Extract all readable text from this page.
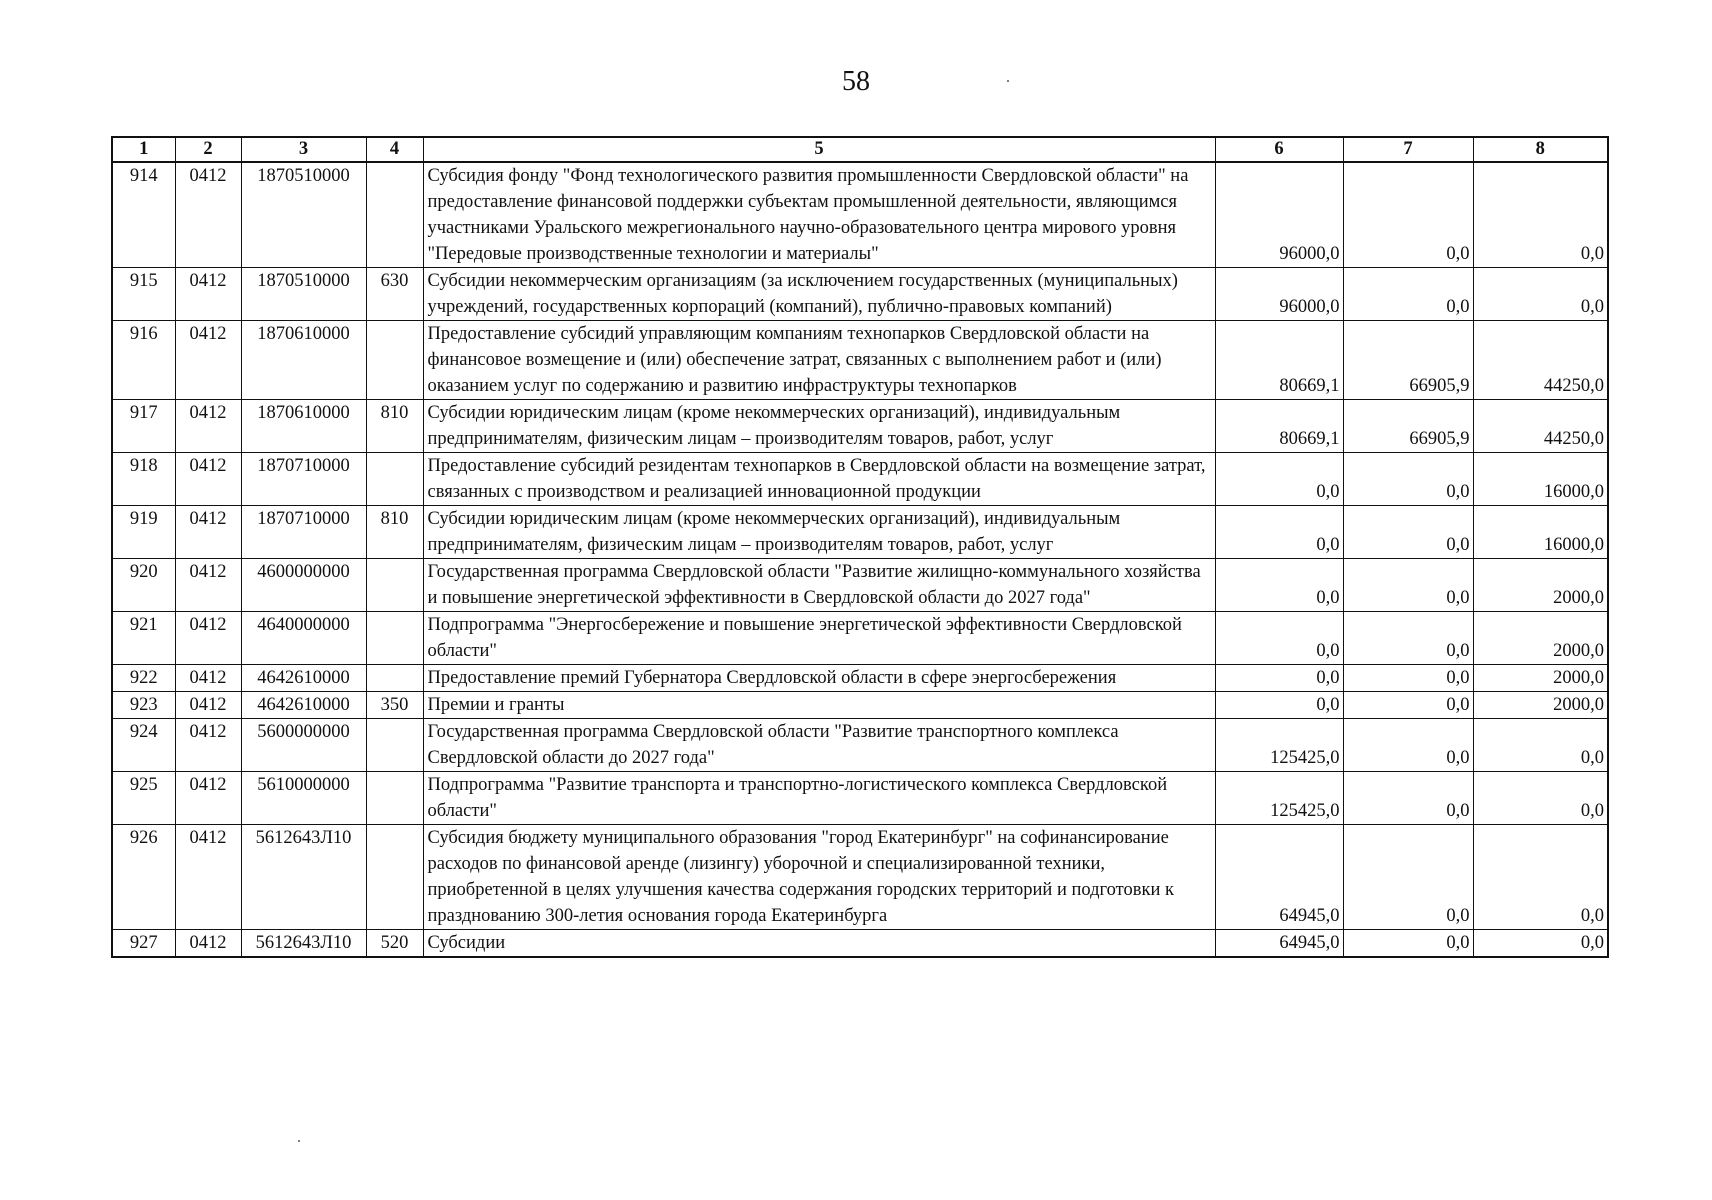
58
1	2	3	4	5	6	7	8
914	0412	1870510000		Субсидия фонду "Фонд технологического развития промышленности Свердловской области" на предоставление финансовой поддержки субъектам промышленной деятельности, являющимся участниками Уральского межрегионального научно-образовательного центра мирового уровня "Передовые производственные технологии и материалы"	96000,0	0,0	0,0
915	0412	1870510000	630	Субсидии некоммерческим организациям (за исключением государственных (муниципальных) учреждений, государственных корпораций (компаний), публично-правовых компаний)	96000,0	0,0	0,0
916	0412	1870610000		Предоставление субсидий управляющим компаниям технопарков Свердловской области на финансовое возмещение и (или) обеспечение затрат, связанных с выполнением работ и (или) оказанием услуг по содержанию и развитию инфраструктуры технопарков	80669,1	66905,9	44250,0
917	0412	1870610000	810	Субсидии юридическим лицам (кроме некоммерческих организаций), индивидуальным предпринимателям, физическим лицам – производителям товаров, работ, услуг	80669,1	66905,9	44250,0
918	0412	1870710000		Предоставление субсидий резидентам технопарков в Свердловской области на возмещение затрат, связанных с производством и реализацией инновационной продукции	0,0	0,0	16000,0
919	0412	1870710000	810	Субсидии юридическим лицам (кроме некоммерческих организаций), индивидуальным предпринимателям, физическим лицам – производителям товаров, работ, услуг	0,0	0,0	16000,0
920	0412	4600000000		Государственная программа Свердловской области "Развитие жилищно-коммунального хозяйства и повышение энергетической эффективности в Свердловской области до 2027 года"	0,0	0,0	2000,0
921	0412	4640000000		Подпрограмма "Энергосбережение и повышение энергетической эффективности Свердловской области"	0,0	0,0	2000,0
922	0412	4642610000		Предоставление премий Губернатора Свердловской области в сфере энергосбережения	0,0	0,0	2000,0
923	0412	4642610000	350	Премии и гранты	0,0	0,0	2000,0
924	0412	5600000000		Государственная программа Свердловской области "Развитие транспортного комплекса Свердловской области до 2027 года"	125425,0	0,0	0,0
925	0412	5610000000		Подпрограмма "Развитие транспорта и транспортно-логистического комплекса Свердловской области"	125425,0	0,0	0,0
926	0412	5612643Л10		Субсидия бюджету муниципального образования "город Екатеринбург" на софинансирование расходов по финансовой аренде (лизингу) уборочной и специализированной техники, приобретенной в целях улучшения качества содержания городских территорий и подготовки к празднованию 300-летия основания города Екатеринбурга	64945,0	0,0	0,0
927	0412	5612643Л10	520	Субсидии	64945,0	0,0	0,0
